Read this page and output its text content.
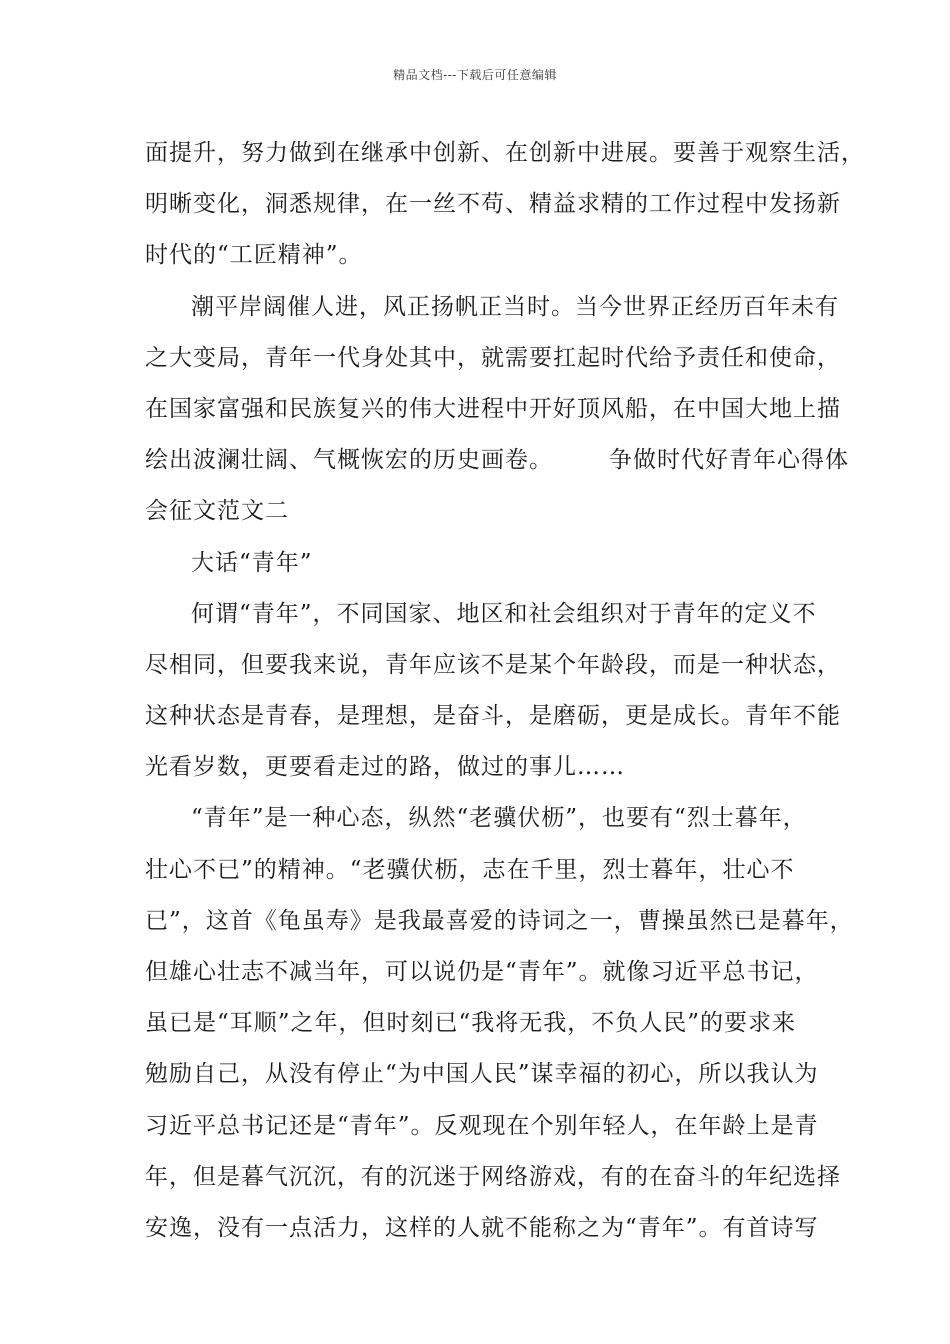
精品文档---下载后可任意编辑
面提升，努力做到在继承中创新、在创新中进展。要善于观察生活，
明晰变化，洞悉规律，在一丝不苟、精益求精的工作过程中发扬新
时代的“工匠精神”。
潮平岸阔催人进，风正扬帆正当时。当今世界正经历百年未有
之大变局，青年一代身处其中，就需要扛起时代给予责任和使命，
在国家富强和民族复兴的伟大进程中开好顶风船，在中国大地上描
绘出波澜壮阔、气概恢宏的历史画卷。 争做时代好青年心得体
会征文范文二
大话“青年”
何谓“青年”，不同国家、地区和社会组织对于青年的定义不
尽相同，但要我来说，青年应该不是某个年龄段，而是一种状态，
这种状态是青春，是理想，是奋斗，是磨砺，更是成长。青年不能
光看岁数，更要看走过的路，做过的事儿……
“青年”是一种心态，纵然“老骥伏枥”，也要有“烈士暮年，
壮心不已”的精神。“老骥伏枥，志在千里，烈士暮年，壮心不
已”，这首《龟虽寿》是我最喜爱的诗词之一，曹操虽然已是暮年，
但雄心壮志不减当年，可以说仍是“青年”。就像习近平总书记，
虽已是“耳顺”之年，但时刻已“我将无我，不负人民”的要求来
勉励自己，从没有停止“为中国人民”谋幸福的初心，所以我认为
习近平总书记还是“青年”。反观现在个别年轻人，在年龄上是青
年，但是暮气沉沉，有的沉迷于网络游戏，有的在奋斗的年纪选择
安逸，没有一点活力，这样的人就不能称之为“青年”。有首诗写
